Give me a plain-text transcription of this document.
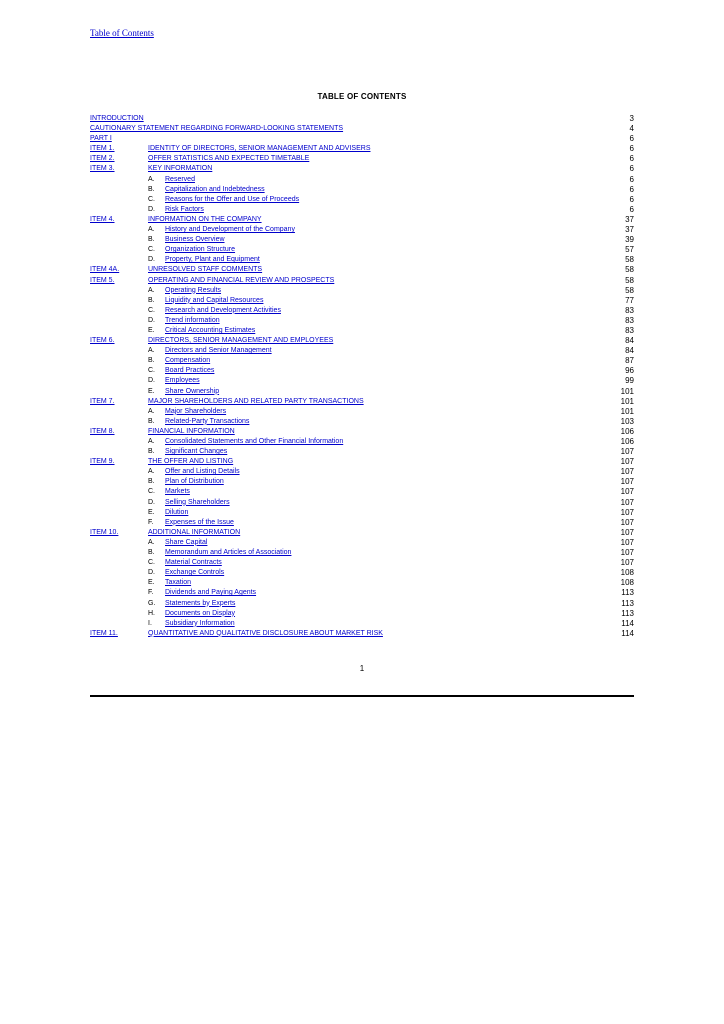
Table of Contents
TABLE OF CONTENTS
INTRODUCTION	3
CAUTIONARY STATEMENT REGARDING FORWARD-LOOKING STATEMENTS	4
PART I	6
ITEM 1.	IDENTITY OF DIRECTORS, SENIOR MANAGEMENT AND ADVISERS	6
ITEM 2.	OFFER STATISTICS AND EXPECTED TIMETABLE	6
ITEM 3.	KEY INFORMATION	6
A. Reserved	6
B. Capitalization and Indebtedness	6
C. Reasons for the Offer and Use of Proceeds	6
D. Risk Factors	6
ITEM 4.	INFORMATION ON THE COMPANY	37
A. History and Development of the Company	37
B. Business Overview	39
C. Organization Structure	57
D. Property, Plant and Equipment	58
ITEM 4A.	UNRESOLVED STAFF COMMENTS	58
ITEM 5.	OPERATING AND FINANCIAL REVIEW AND PROSPECTS	58
A. Operating Results	58
B. Liquidity and Capital Resources	77
C. Research and Development Activities	83
D. Trend information	83
E. Critical Accounting Estimates	83
ITEM 6.	DIRECTORS, SENIOR MANAGEMENT AND EMPLOYEES	84
A. Directors and Senior Management	84
B. Compensation	87
C. Board Practices	96
D. Employees	99
E. Share Ownership	101
ITEM 7.	MAJOR SHAREHOLDERS AND RELATED PARTY TRANSACTIONS	101
A. Major Shareholders	101
B. Related-Party Transactions	103
ITEM 8.	FINANCIAL INFORMATION	106
A. Consolidated Statements and Other Financial Information	106
B. Significant Changes	107
ITEM 9.	THE OFFER AND LISTING	107
A. Offer and Listing Details	107
B. Plan of Distribution	107
C. Markets	107
D. Selling Shareholders	107
E. Dilution	107
F. Expenses of the Issue	107
ITEM 10.	ADDITIONAL INFORMATION	107
A. Share Capital	107
B. Memorandum and Articles of Association	107
C. Material Contracts	107
D. Exchange Controls	108
E. Taxation	108
F. Dividends and Paying Agents	113
G. Statements by Experts	113
H. Documents on Display	113
I. Subsidiary Information	114
ITEM 11.	QUANTITATIVE AND QUALITATIVE DISCLOSURE ABOUT MARKET RISK	114
1
